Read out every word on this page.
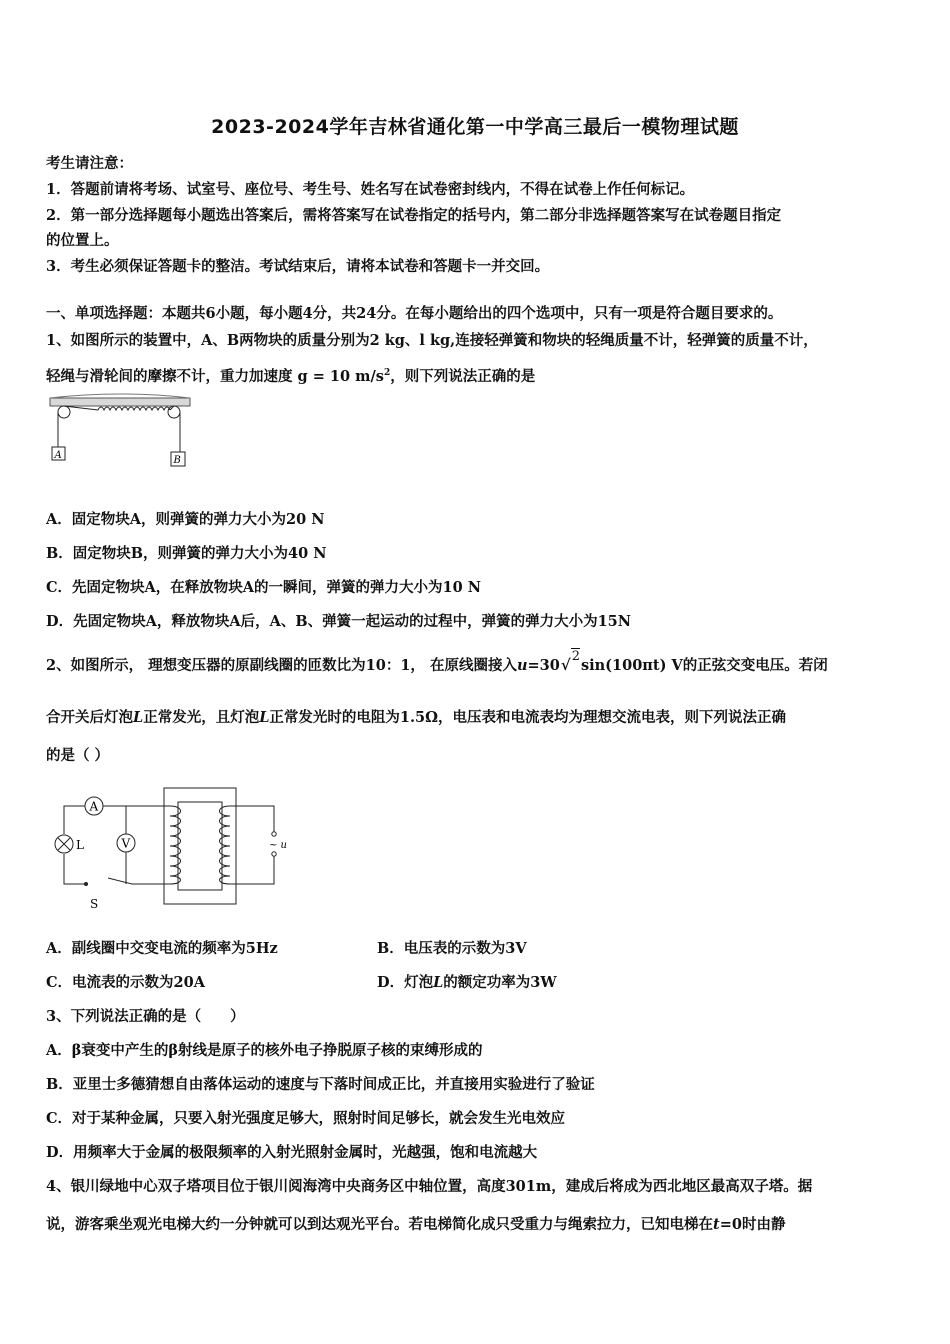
2023-2024学年吉林省通化第一中学高三最后一模物理试题
考生请注意：
1．答题前请将考场、试室号、座位号、考生号、姓名写在试卷密封线内，不得在试卷上作任何标记。
2．第一部分选择题每小题选出答案后，需将答案写在试卷指定的括号内，第二部分非选择题答案写在试卷题目指定
的位置上。
3．考生必须保证答题卡的整洁。考试结束后，请将本试卷和答题卡一并交回。
一、单项选择题：本题共6小题，每小题4分，共24分。在每小题给出的四个选项中，只有一项是符合题目要求的。
1、如图所示的装置中，A、B两物块的质量分别为2 kg、l kg,连接轻弹簧和物块的轻绳质量不计，轻弹簧的质量不计，
轻绳与滑轮间的摩擦不计，重力加速度 g = 10 $m/s^2$，则下列说法正确的是
A	B
A．固定物块A，则弹簧的弹力大小为20 N
B．固定物块B，则弹簧的弹力大小为40 N
C．先固定物块A，在释放物块A的一瞬间，弹簧的弹力大小为10 N
D．先固定物块A，释放物块A后，A、B、弹簧一起运动的过程中，弹簧的弹力大小为15N
2、如图所示， 理想变压器的原副线圈的匝数比为10：1， 在原线圈接入u=30√2sin(100πt) V的正弦交变电压。若闭
合开关后灯泡L正常发光，且灯泡L正常发光时的电阻为1.5Ω，电压表和电流表均为理想交流电表，则下列说法正确
的是（ ）
S
A
L	V	~ u
A．副线圈中交变电流的频率为5Hz	B．电压表的示数为3V
C．电流表的示数为20A	D．灯泡L的额定功率为3W
3、下列说法正确的是（　　）
A．β衰变中产生的β射线是原子的核外电子挣脱原子核的束缚形成的
B．亚里士多德猜想自由落体运动的速度与下落时间成正比，并直接用实验进行了验证
C．对于某种金属，只要入射光强度足够大，照射时间足够长，就会发生光电效应
D．用频率大于金属的极限频率的入射光照射金属时，光越强，饱和电流越大
4、银川绿地中心双子塔项目位于银川阅海湾中央商务区中轴位置，高度301m，建成后将成为西北地区最高双子塔。据
说，游客乘坐观光电梯大约一分钟就可以到达观光平台。若电梯简化成只受重力与绳索拉力，已知电梯在t=0时由静
